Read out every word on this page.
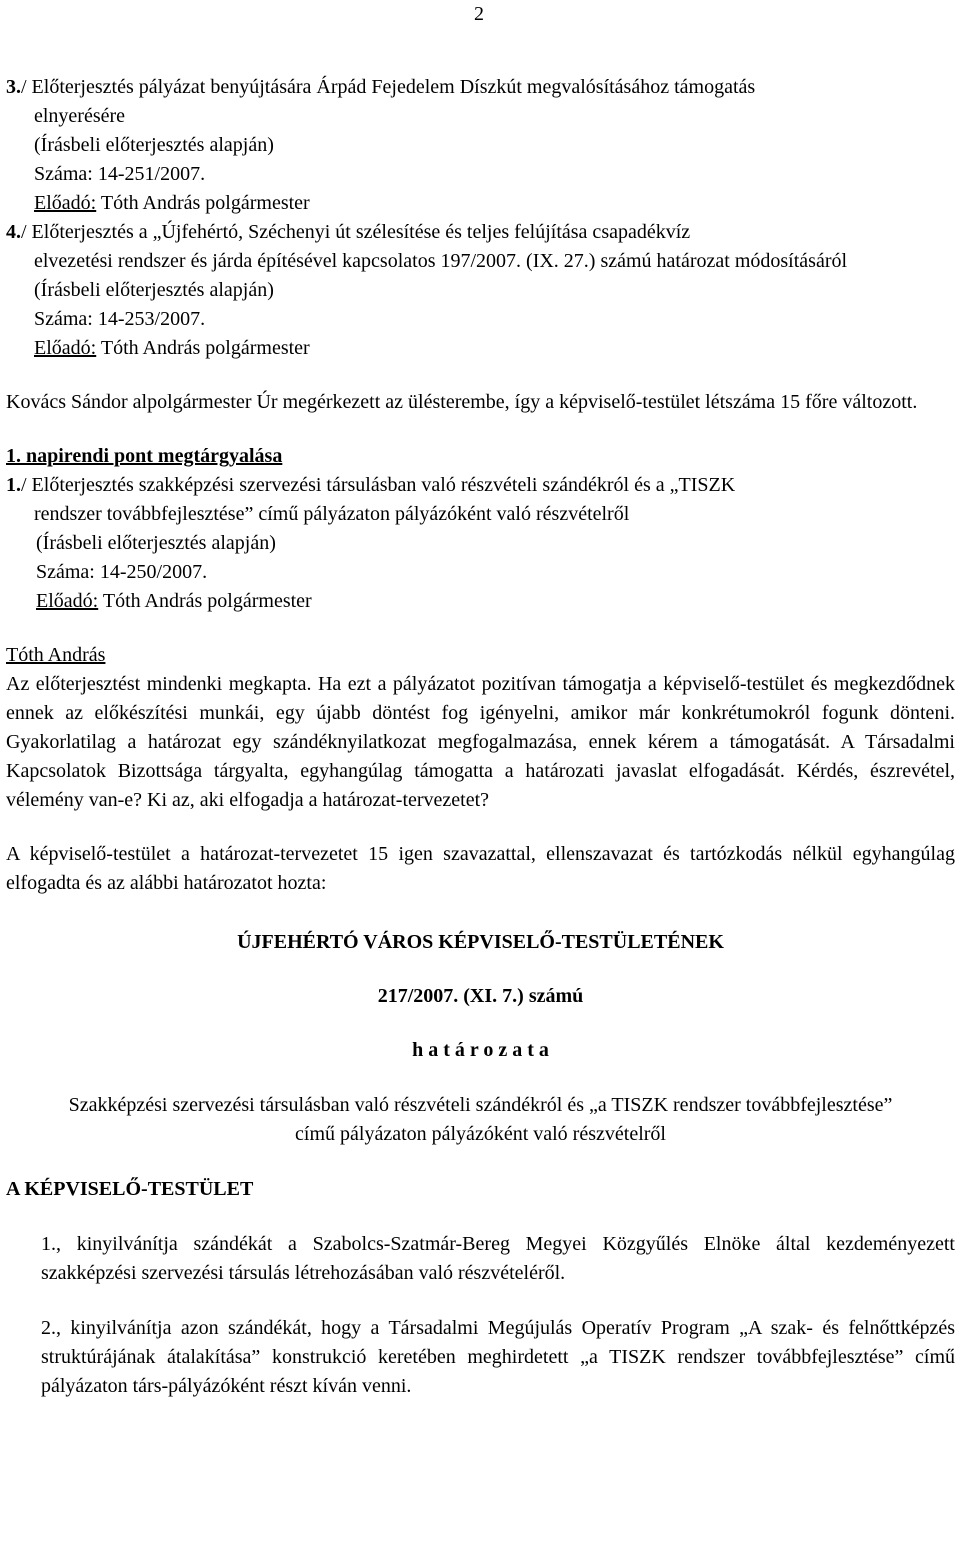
2
3./ Előterjesztés pályázat benyújtására Árpád Fejedelem Díszkút megvalósításához támogatás
elnyerésére
(Írásbeli előterjesztés alapján)
Száma: 14-251/2007.
Előadó: Tóth András polgármester
4./ Előterjesztés a „Újfehértó, Széchenyi út szélesítése és teljes felújítása csapadékvíz
elvezetési rendszer és járda építésével kapcsolatos 197/2007. (IX. 27.) számú határozat módosításáról
(Írásbeli előterjesztés alapján)
Száma: 14-253/2007.
Előadó: Tóth András polgármester

Kovács Sándor alpolgármester Úr megérkezett az ülésterembe, így a képviselő-testület létszáma 15 főre változott.

1. napirendi pont megtárgyalása
1./ Előterjesztés szakképzési szervezési társulásban való részvételi szándékról és a „TISZK
rendszer továbbfejlesztése” című pályázaton pályázóként való részvételről
(Írásbeli előterjesztés alapján)
Száma: 14-250/2007.
Előadó: Tóth András polgármester
Tóth András

Az előterjesztést mindenki megkapta. Ha ezt a pályázatot pozitívan támogatja a képviselő-testület és megkezdődnek ennek az előkészítési munkái, egy újabb döntést fog igényelni, amikor már konkrétumokról fogunk dönteni. Gyakorlatilag a határozat egy szándéknyilatkozat megfogalmazása, ennek kérem a támogatását. A Társadalmi Kapcsolatok Bizottsága tárgyalta, egyhangúlag támogatta a határozati javaslat elfogadását. Kérdés, észrevétel, vélemény van-e? Ki az, aki elfogadja a határozat-tervezetet?

A képviselő-testület a határozat-tervezetet 15 igen szavazattal, ellenszavazat és tartózkodás nélkül egyhangúlag elfogadta és az alábbi határozatot hozta:

ÚJFEHÉRTÓ VÁROS KÉPVISELŐ-TESTÜLETÉNEK

217/2007. (XI. 7.) számú

h a t á r o z a t a

Szakképzési szervezési társulásban való részvételi szándékról és „a TISZK rendszer továbbfejlesztése” című pályázaton pályázóként való részvételről

A KÉPVISELŐ-TESTÜLET

1., kinyilvánítja szándékát a Szabolcs-Szatmár-Bereg Megyei Közgyűlés Elnöke által kezdeményezett szakképzési szervezési társulás létrehozásában való részvételéről.

2., kinyilvánítja azon szándékát, hogy a Társadalmi Megújulás Operatív Program „A szak- és felnőttképzés struktúrájának átalakítása” konstrukció keretében meghirdetett „a TISZK rendszer továbbfejlesztése” című pályázaton társ-pályázóként részt kíván venni.
